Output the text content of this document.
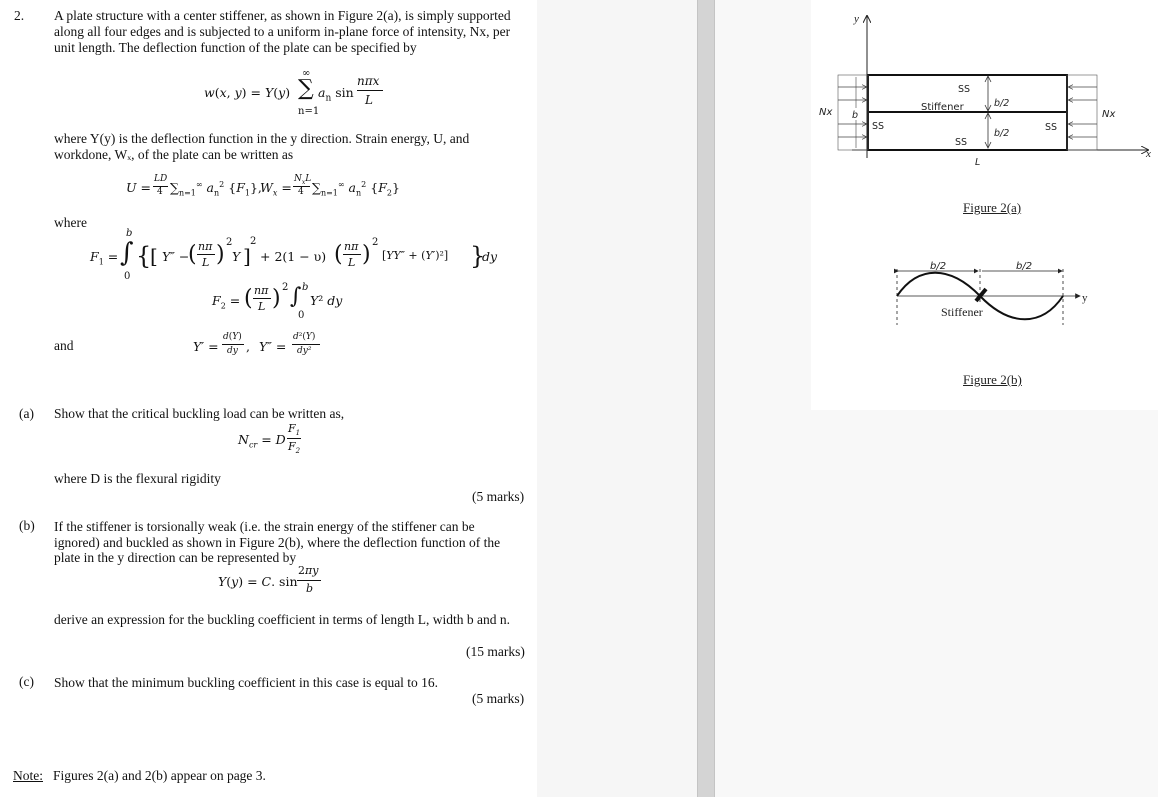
2. A plate structure with a center stiffener, as shown in Figure 2(a), is simply supported
along all four edges and is subjected to a uniform in-plane force of intensity, Nx, per
unit length. The deflection function of the plate can be specified by
w(x, y) = Y(y)
∞
∑
n=1
$a_n$ sin
nπx
L
where Y(y) is the deflection function in the y direction. Strain energy, U, and
workdone, Wₓ, of the plate can be written as
U =
LD
4 $\sum_{n=1}^\infty$ $a_n^2$ $\{F_1\}$,
$W_x$ =
$N_xL$
4 $\sum_{n=1}^\infty$ $a_n^2$ $\{F_2\}$
where
$F_1$ =
b
∫
0
{
[ Y″ −
( nπ
L ) 2
Y ]
2
+ 2(1 − υ) ( nπ
L ) 2
[YY″ + (Y′)²] }
dy
$F_2$ = ( nπ
L ) 2 ∫ b
0
Y² dy
and	Y′ =
d(Y)
dy , Y″ =
d²(Y)
dy²
(a) Show that the critical buckling load can be written as,
$N_{cr} = D$
$F_1$
$F_2$
where D is the flexural rigidity
(5 marks)
(b) If the stiffener is torsionally weak (i.e. the strain energy of the stiffener can be
ignored) and buckled as shown in Figure 2(b), where the deflection function of the
plate in the y direction can be represented by
Y(y) = C. sin
2πy
b
derive an expression for the buckling coefficient in terms of length L, width b and n.
(15 marks)
(c) Show that the minimum buckling coefficient in this case is equal to 16.
(5 marks)
Note: Figures 2(a) and 2(b) appear on page 3.
y
x
Nx	Nx
SS
Stiffener
SS
SS
SS
b
b/2
b/2
L
Figure 2(a)
b/2	b/2
y
Stiffener
Figure 2(b)
